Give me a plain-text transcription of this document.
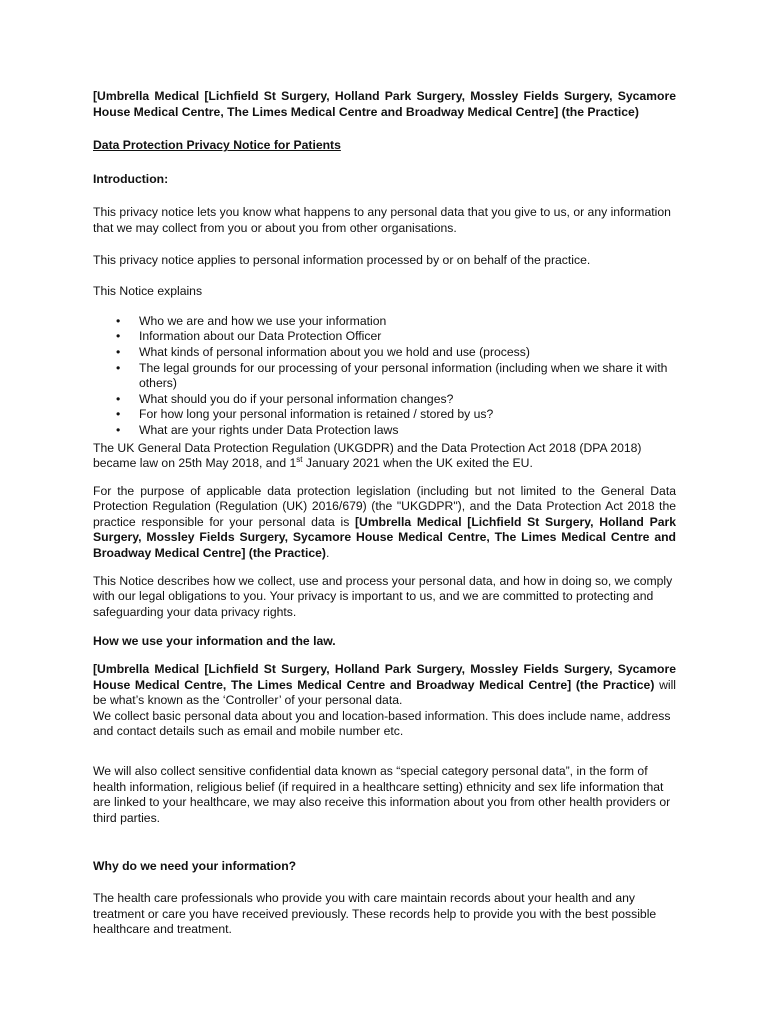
[Umbrella Medical [Lichfield St Surgery, Holland Park Surgery, Mossley Fields Surgery, Sycamore House Medical Centre, The Limes Medical Centre and Broadway Medical Centre] (the Practice)

Data Protection Privacy Notice for Patients

Introduction:

This privacy notice lets you know what happens to any personal data that you give to us, or any information that we may collect from you or about you from other organisations.

This privacy notice applies to personal information processed by or on behalf of the practice.

This Notice explains

• Who we are and how we use your information
• Information about our Data Protection Officer
• What kinds of personal information about you we hold and use (process)
• The legal grounds for our processing of your personal information (including when we share it with others)
• What should you do if your personal information changes?
• For how long your personal information is retained / stored by us?
• What are your rights under Data Protection laws

The UK General Data Protection Regulation (UKGDPR) and the Data Protection Act 2018 (DPA 2018) became law on 25th May 2018, and 1st January 2021 when the UK exited the EU.

For the purpose of applicable data protection legislation (including but not limited to the General Data Protection Regulation (Regulation (UK) 2016/679) (the "UKGDPR"), and the Data Protection Act 2018 the practice responsible for your personal data is [Umbrella Medical [Lichfield St Surgery, Holland Park Surgery, Mossley Fields Surgery, Sycamore House Medical Centre, The Limes Medical Centre and Broadway Medical Centre] (the Practice).

This Notice describes how we collect, use and process your personal data, and how in doing so, we comply with our legal obligations to you. Your privacy is important to us, and we are committed to protecting and safeguarding your data privacy rights.

How we use your information and the law.

[Umbrella Medical [Lichfield St Surgery, Holland Park Surgery, Mossley Fields Surgery, Sycamore House Medical Centre, The Limes Medical Centre and Broadway Medical Centre] (the Practice) will be what’s known as the ‘Controller’ of your personal data.

We collect basic personal data about you and location-based information. This does include name, address and contact details such as email and mobile number etc.

We will also collect sensitive confidential data known as “special category personal data”, in the form of health information, religious belief (if required in a healthcare setting) ethnicity and sex life information that are linked to your healthcare, we may also receive this information about you from other health providers or third parties.

Why do we need your information?

The health care professionals who provide you with care maintain records about your health and any treatment or care you have received previously. These records help to provide you with the best possible healthcare and treatment.
